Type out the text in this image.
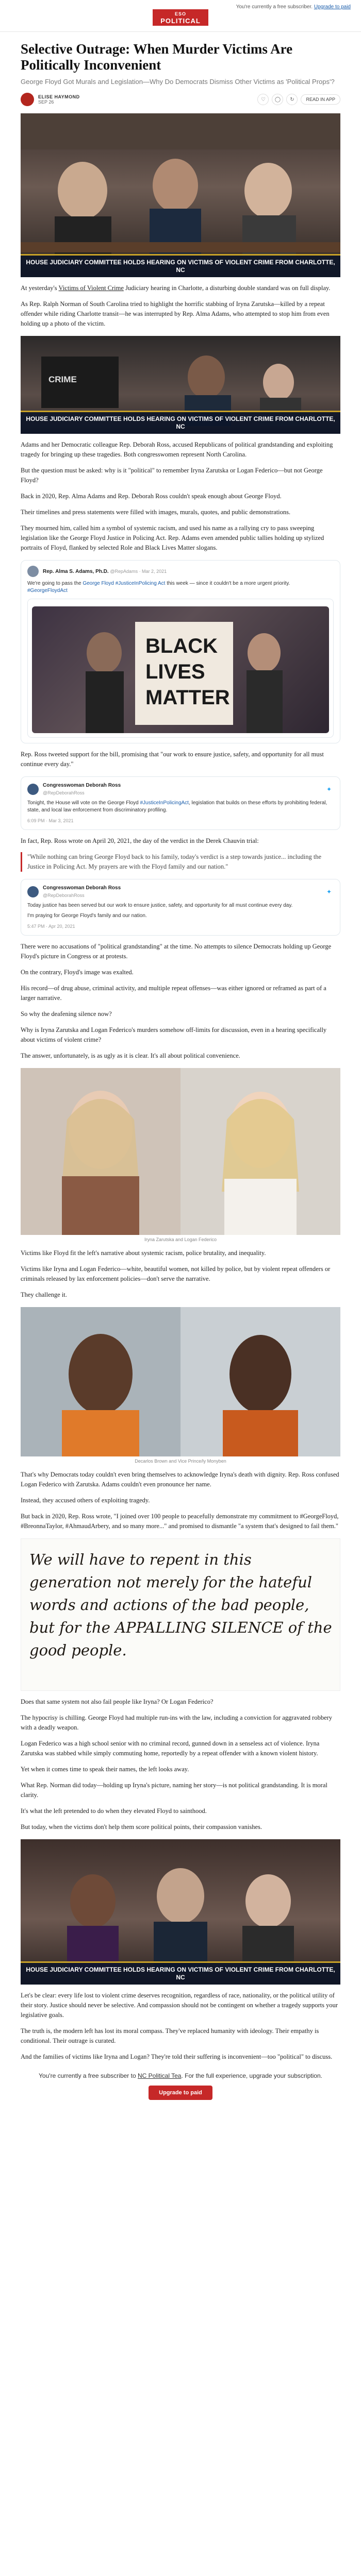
You're currently a free subscriber. Upgrade to paid
ESO
POLITICAL
Selective Outrage: When Murder Victims Are Politically Inconvenient
George Floyd Got Murals and Legislation—Why Do Democrats Dismiss Other Victims as 'Political Props'?
ELISE HAYMOND
SEP 26	♡	◯	↻	READ IN APP
HOUSE JUDICIARY COMMITTEE HOLDS HEARING ON VICTIMS OF VIOLENT CRIME FROM CHARLOTTE, NC

At yesterday's Victims of Violent Crime Judiciary hearing in Charlotte, a disturbing double standard was on full display.

As Rep. Ralph Norman of South Carolina tried to highlight the horrific stabbing of Iryna Zarutska—killed by a repeat offender while riding Charlotte transit—he was interrupted by Rep. Alma Adams, who attempted to stop him from even holding up a photo of the victim.

CRIME
HOUSE JUDICIARY COMMITTEE HOLDS HEARING ON VICTIMS OF VIOLENT CRIME FROM CHARLOTTE, NC

Adams and her Democratic colleague Rep. Deborah Ross, accused Republicans of political grandstanding and exploiting tragedy for bringing up these tragedies. Both congresswomen represent North Carolina.

But the question must be asked: why is it "political" to remember Iryna Zarutska or Logan Federico—but not George Floyd?

Back in 2020, Rep. Alma Adams and Rep. Deborah Ross couldn't speak enough about George Floyd.

Their timelines and press statements were filled with images, murals, quotes, and public demonstrations.

They mourned him, called him a symbol of systemic racism, and used his name as a rallying cry to pass sweeping legislation like the George Floyd Justice in Policing Act. Rep. Adams even amended public tallies holding up stylized portraits of Floyd, flanked by selected Role and Black Lives Matter slogans.

Rep. Alma S. Adams, Ph.D. @RepAdams · Mar 2, 2021
We're going to pass the George Floyd #JusticeInPolicing Act this week — since it couldn't be a more urgent priority.
#GeorgeFloydAct
BLACK
LIVES
MATTER

Rep. Ross tweeted support for the bill, promising that "our work to ensure justice, safety, and opportunity for all must continue every day."

Congresswoman Deborah Ross
@RepDeborahRoss	✦
Tonight, the House will vote on the George Floyd #JusticeInPolicingAct, legislation that builds on these efforts by prohibiting federal, state, and local law enforcement from discriminatory profiling.
6:09 PM · Mar 3, 2021

In fact, Rep. Ross wrote on April 20, 2021, the day of the verdict in the Derek Chauvin trial:

"While nothing can bring George Floyd back to his family, today's verdict is a step towards justice... including the Justice in Policing Act. My prayers are with the Floyd family and our nation."

Congresswoman Deborah Ross
@RepDeborahRoss	✦
Today justice has been served but our work to ensure justice, safety, and opportunity for all must continue every day.
I'm praying for George Floyd's family and our nation.
5:47 PM · Apr 20, 2021

There were no accusations of "political grandstanding" at the time. No attempts to silence Democrats holding up George Floyd's picture in Congress or at protests.

On the contrary, Floyd's image was exalted.

His record—of drug abuse, criminal activity, and multiple repeat offenses—was either ignored or reframed as part of a larger narrative.

So why the deafening silence now?

Why is Iryna Zarutska and Logan Federico's murders somehow off-limits for discussion, even in a hearing specifically about victims of violent crime?

The answer, unfortunately, is as ugly as it is clear. It's all about political convenience.

Iryna Zarutska and Logan Federico

Victims like Floyd fit the left's narrative about systemic racism, police brutality, and inequality.

Victims like Iryna and Logan Federico—white, beautiful women, not killed by police, but by violent repeat offenders or criminals released by lax enforcement policies—don't serve the narrative.

They challenge it.

Decarlos Brown and Vice Prince/ly Monyben

That's why Democrats today couldn't even bring themselves to acknowledge Iryna's death with dignity. Rep. Ross confused Logan Federico with Zarutska. Adams couldn't even pronounce her name.

Instead, they accused others of exploiting tragedy.

But back in 2020, Rep. Ross wrote, "I joined over 100 people to peacefully demonstrate my commitment to #GeorgeFloyd, #BreonnaTaylor, #AhmaudArbery, and so many more..." and promised to dismantle "a system that's designed to fail them."

We will have to repent in this generation not merely for the hateful words and actions of the bad people, but for the APPALLING SILENCE of the good people.

Does that same system not also fail people like Iryna? Or Logan Federico?

The hypocrisy is chilling. George Floyd had multiple run-ins with the law, including a conviction for aggravated robbery with a deadly weapon.

Logan Federico was a high school senior with no criminal record, gunned down in a senseless act of violence. Iryna Zarutska was stabbed while simply commuting home, reportedly by a repeat offender with a known violent history.

Yet when it comes time to speak their names, the left looks away.

What Rep. Norman did today—holding up Iryna's picture, naming her story—is not political grandstanding. It is moral clarity.

It's what the left pretended to do when they elevated Floyd to sainthood.

But today, when the victims don't help them score political points, their compassion vanishes.

HOUSE JUDICIARY COMMITTEE HOLDS HEARING ON VICTIMS OF VIOLENT CRIME FROM CHARLOTTE, NC

Let's be clear: every life lost to violent crime deserves recognition, regardless of race, nationality, or the political utility of their story. Justice should never be selective. And compassion should not be contingent on whether a tragedy supports your legislative goals.

The truth is, the modern left has lost its moral compass. They've replaced humanity with ideology. Their empathy is conditional. Their outrage is curated.

And the families of victims like Iryna and Logan? They're told their suffering is inconvenient—too "political" to discuss.

You're currently a free subscriber to NC Political Tea. For the full experience, upgrade your subscription.
Upgrade to paid
